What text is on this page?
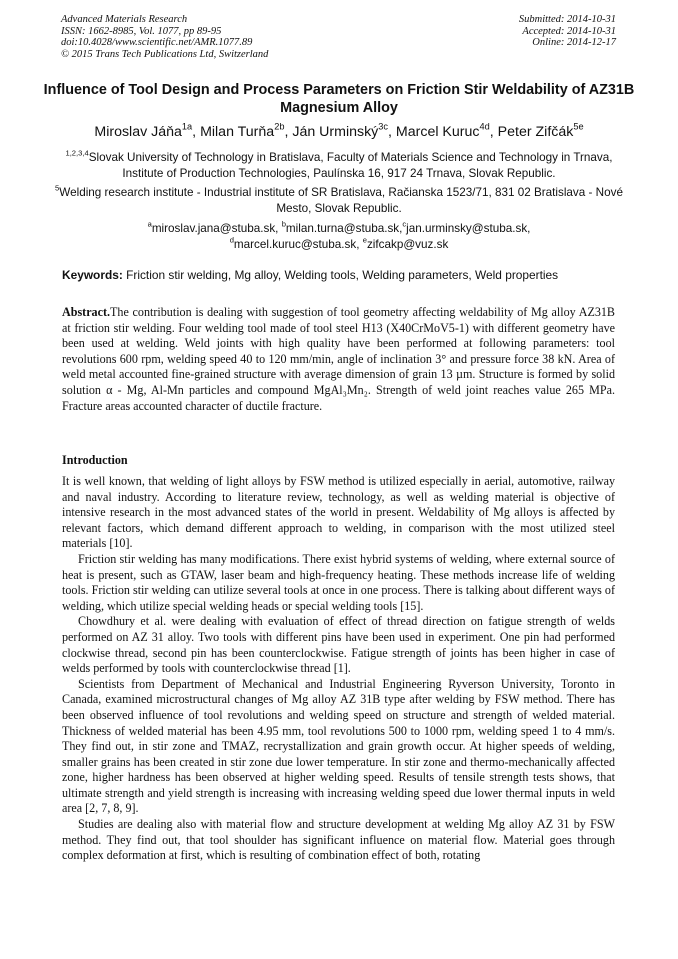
Advanced Materials Research
ISSN: 1662-8985, Vol. 1077, pp 89-95
doi:10.4028/www.scientific.net/AMR.1077.89
© 2015 Trans Tech Publications Ltd, Switzerland
Submitted: 2014-10-31
Accepted: 2014-10-31
Online: 2014-12-17
Influence of Tool Design and Process Parameters on Friction Stir Weldability of AZ31B Magnesium Alloy
Miroslav Jáňa$^{1a}$, Milan Turňa$^{2b}$, Ján Urminský$^{3c}$, Marcel Kuruc$^{4d}$, Peter Zifčák$^{5e}$
$^{1,2,3,4}$Slovak University of Technology in Bratislava, Faculty of Materials Science and Technology in Trnava, Institute of Production Technologies, Paulínska 16, 917 24 Trnava, Slovak Republic.
$^5$Welding research institute - Industrial institute of SR Bratislava, Račianska 1523/71, 831 02 Bratislava - Nové Mesto, Slovak Republic.
$^a$miroslav.jana@stuba.sk, $^b$milan.turna@stuba.sk,$^c$jan.urminsky@stuba.sk,
$^d$marcel.kuruc@stuba.sk, $^e$zifcakp@vuz.sk
Keywords: Friction stir welding, Mg alloy, Welding tools, Welding parameters, Weld properties
Abstract.The contribution is dealing with suggestion of tool geometry affecting weldability of Mg alloy AZ31B at friction stir welding. Four welding tool made of tool steel H13 (X40CrMoV5-1) with different geometry have been used at welding. Weld joints with high quality have been performed at following parameters: tool revolutions 600 rpm, welding speed 40 to 120 mm/min, angle of inclination 3° and pressure force 38 kN. Area of weld metal accounted fine-grained structure with average dimension of grain 13 µm. Structure is formed by solid solution α - Mg, Al-Mn particles and compound MgAl₃Mn₂. Strength of weld joint reaches value 265 MPa. Fracture areas accounted character of ductile fracture.
Introduction

It is well known, that welding of light alloys by FSW method is utilized especially in aerial, automotive, railway and naval industry. According to literature review, technology, as well as welding material is objective of intensive research in the most advanced states of the world in present. Weldability of Mg alloys is affected by relevant factors, which demand different approach to welding, in comparison with the most utilized steel materials [10].

Friction stir welding has many modifications. There exist hybrid systems of welding, where external source of heat is present, such as GTAW, laser beam and high-frequency heating. These methods increase life of welding tools. Friction stir welding can utilize several tools at once in one process. There is talking about different ways of welding, which utilize special welding heads or special welding tools [15].

Chowdhury et al. were dealing with evaluation of effect of thread direction on fatigue strength of welds performed on AZ 31 alloy. Two tools with different pins have been used in experiment. One pin had performed clockwise thread, second pin has been counterclockwise. Fatigue strength of joints has been higher in case of welds performed by tools with counterclockwise thread [1].

Scientists from Department of Mechanical and Industrial Engineering Ryverson University, Toronto in Canada, examined microstructural changes of Mg alloy AZ 31B type after welding by FSW method. There has been observed influence of tool revolutions and welding speed on structure and strength of welded material. Thickness of welded material has been 4.95 mm, tool revolutions 500 to 1000 rpm, welding speed 1 to 4 mm/s. They find out, in stir zone and TMAZ, recrystallization and grain growth occur. At higher speeds of welding, smaller grains has been created in stir zone due lower temperature. In stir zone and thermo-mechanically affected zone, higher hardness has been observed at higher welding speed. Results of tensile strength tests shows, that ultimate strength and yield strength is increasing with increasing welding speed due lower thermal inputs in weld area [2, 7, 8, 9].

Studies are dealing also with material flow and structure development at welding Mg alloy AZ 31 by FSW method. They find out, that tool shoulder has significant influence on material flow. Material goes through complex deformation at first, which is resulting of combination effect of both, rotating
